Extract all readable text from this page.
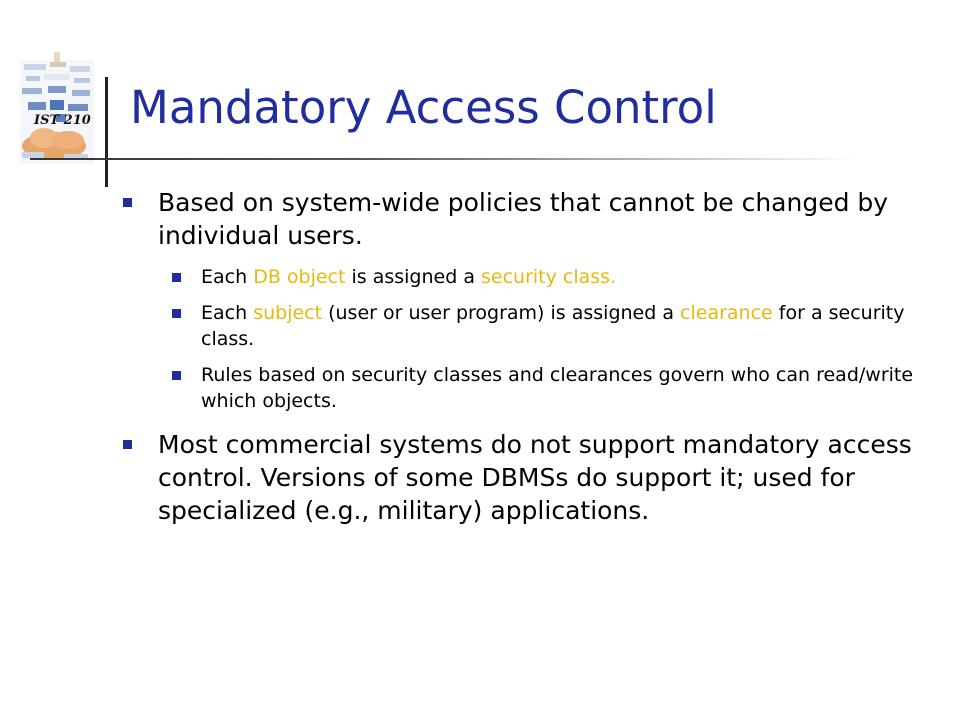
IST 210 Mandatory Access Control
Based on system-wide policies that cannot be changed by individual users.
Each DB object is assigned a security class.
Each subject (user or user program) is assigned a clearance for a security class.
Rules based on security classes and clearances govern who can read/write which objects.
Most commercial systems do not support mandatory access control. Versions of some DBMSs do support it; used for specialized (e.g., military) applications.
